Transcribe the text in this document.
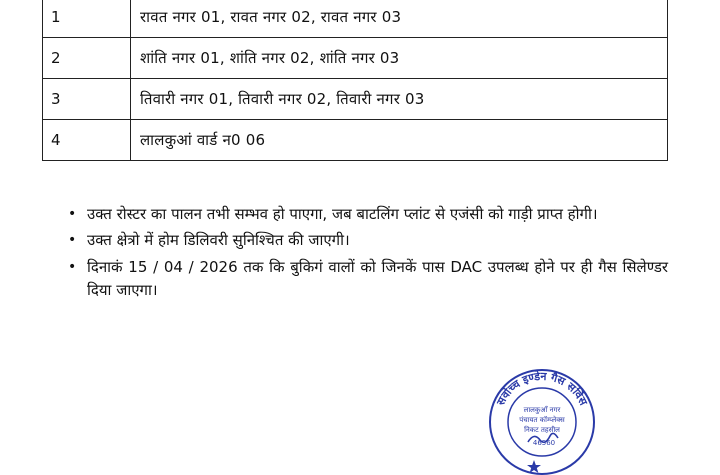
1	रावत नगर 01, रावत नगर 02, रावत नगर 03
2	शांति नगर 01, शांति नगर 02, शांति नगर 03
3	तिवारी नगर 01, तिवारी नगर 02, तिवारी नगर 03
4	लालकुआं वार्ड न0 06
• उक्त रोस्टर का पालन तभी सम्भव हो पाएगा, जब बाटलिंग प्लांट से एजंसी को गाड़ी प्राप्त होगी।
• उक्त क्षेत्रो में होम डिलिवरी सुनिश्चित की जाएगी।
• दिनाकं 15 / 04 / 2026 तक कि बुकिगं वालों को जिनकें पास DAC उपलब्ध होने पर ही गैस सिलेण्डर दिया जाएगा।
सर्वोच्च इण्डेन गैस सर्विस
लालकुआँ नगर
पंचायत कॉम्प्लेक्स
निकट तहसील
46560
